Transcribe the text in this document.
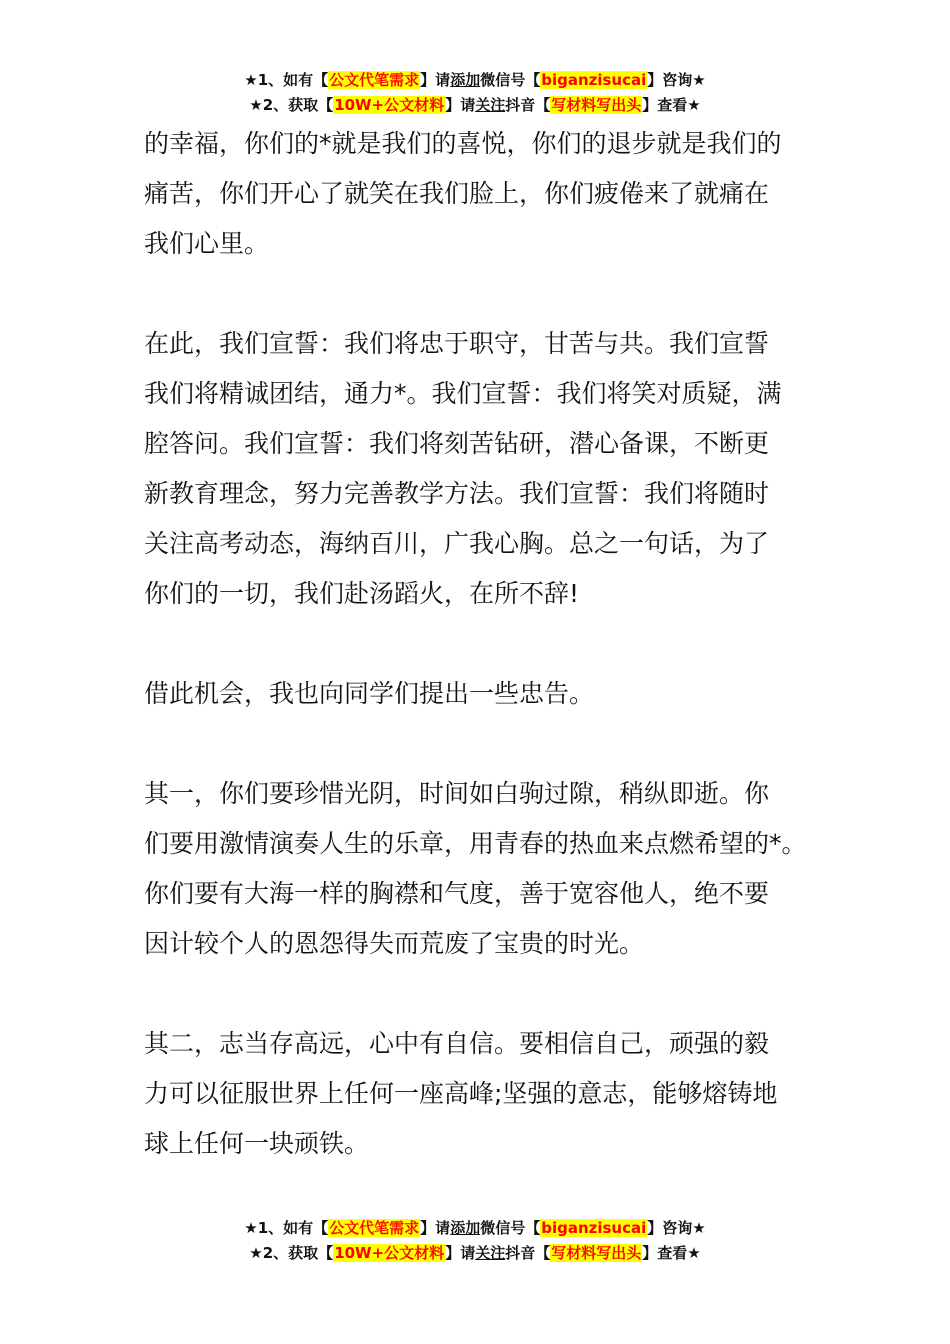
★1、如有【公文代笔需求】请添加微信号【biganzisucai】咨询★
★2、获取【10W+公文材料】请关注抖音【写材料写出头】查看★

的幸福，你们的*就是我们的喜悦，你们的退步就是我们的
痛苦，你们开心了就笑在我们脸上，你们疲倦来了就痛在
我们心里。

在此，我们宣誓：我们将忠于职守，甘苦与共。我们宣誓
我们将精诚团结，通力*。我们宣誓：我们将笑对质疑，满
腔答问。我们宣誓：我们将刻苦钻研，潜心备课，不断更
新教育理念，努力完善教学方法。我们宣誓：我们将随时
关注高考动态，海纳百川，广我心胸。总之一句话，为了
你们的一切，我们赴汤蹈火，在所不辞!

借此机会，我也向同学们提出一些忠告。

其一，你们要珍惜光阴，时间如白驹过隙，稍纵即逝。你
们要用激情演奏人生的乐章，用青春的热血来点燃希望的*。
你们要有大海一样的胸襟和气度，善于宽容他人，绝不要
因计较个人的恩怨得失而荒废了宝贵的时光。

其二，志当存高远，心中有自信。要相信自己，顽强的毅
力可以征服世界上任何一座高峰;坚强的意志，能够熔铸地
球上任何一块顽铁。

★1、如有【公文代笔需求】请添加微信号【biganzisucai】咨询★
★2、获取【10W+公文材料】请关注抖音【写材料写出头】查看★
